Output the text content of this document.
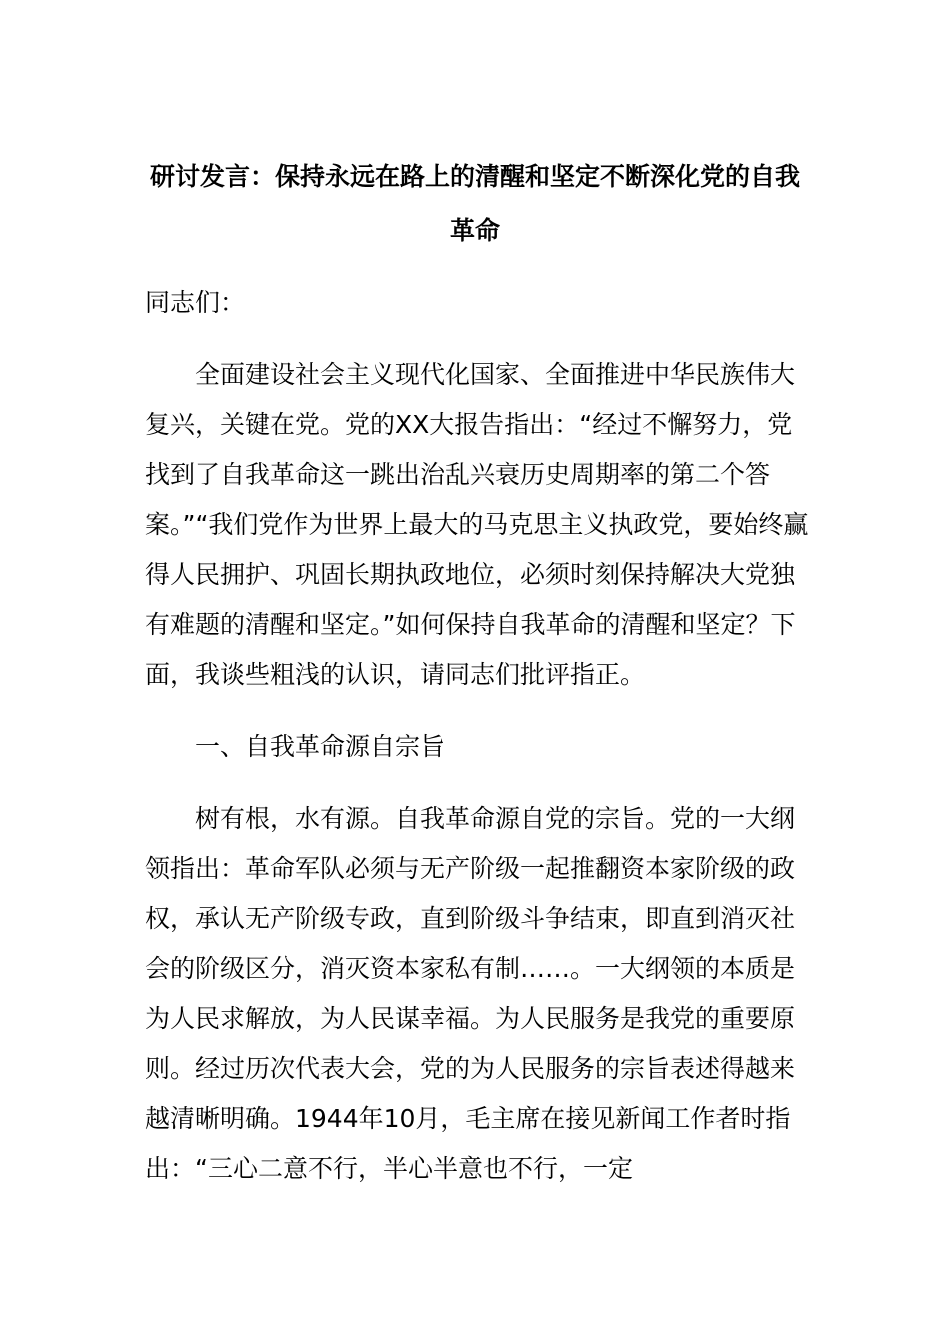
研讨发言：保持永远在路上的清醒和坚定不断深化党的自我革命

同志们：

全面建设社会主义现代化国家、全面推进中华民族伟大复兴，关键在党。党的XX大报告指出：“经过不懈努力，党找到了自我革命这一跳出治乱兴衰历史周期率的第二个答案。”“我们党作为世界上最大的马克思主义执政党，要始终赢得人民拥护、巩固长期执政地位，必须时刻保持解决大党独有难题的清醒和坚定。”如何保持自我革命的清醒和坚定？下面，我谈些粗浅的认识，请同志们批评指正。

一、自我革命源自宗旨

树有根，水有源。自我革命源自党的宗旨。党的一大纲领指出：革命军队必须与无产阶级一起推翻资本家阶级的政权，承认无产阶级专政，直到阶级斗争结束，即直到消灭社会的阶级区分，消灭资本家私有制……。一大纲领的本质是为人民求解放，为人民谋幸福。为人民服务是我党的重要原则。经过历次代表大会，党的为人民服务的宗旨表述得越来越清晰明确。1944年10月，毛主席在接见新闻工作者时指出：“三心二意不行，半心半意也不行，一定
